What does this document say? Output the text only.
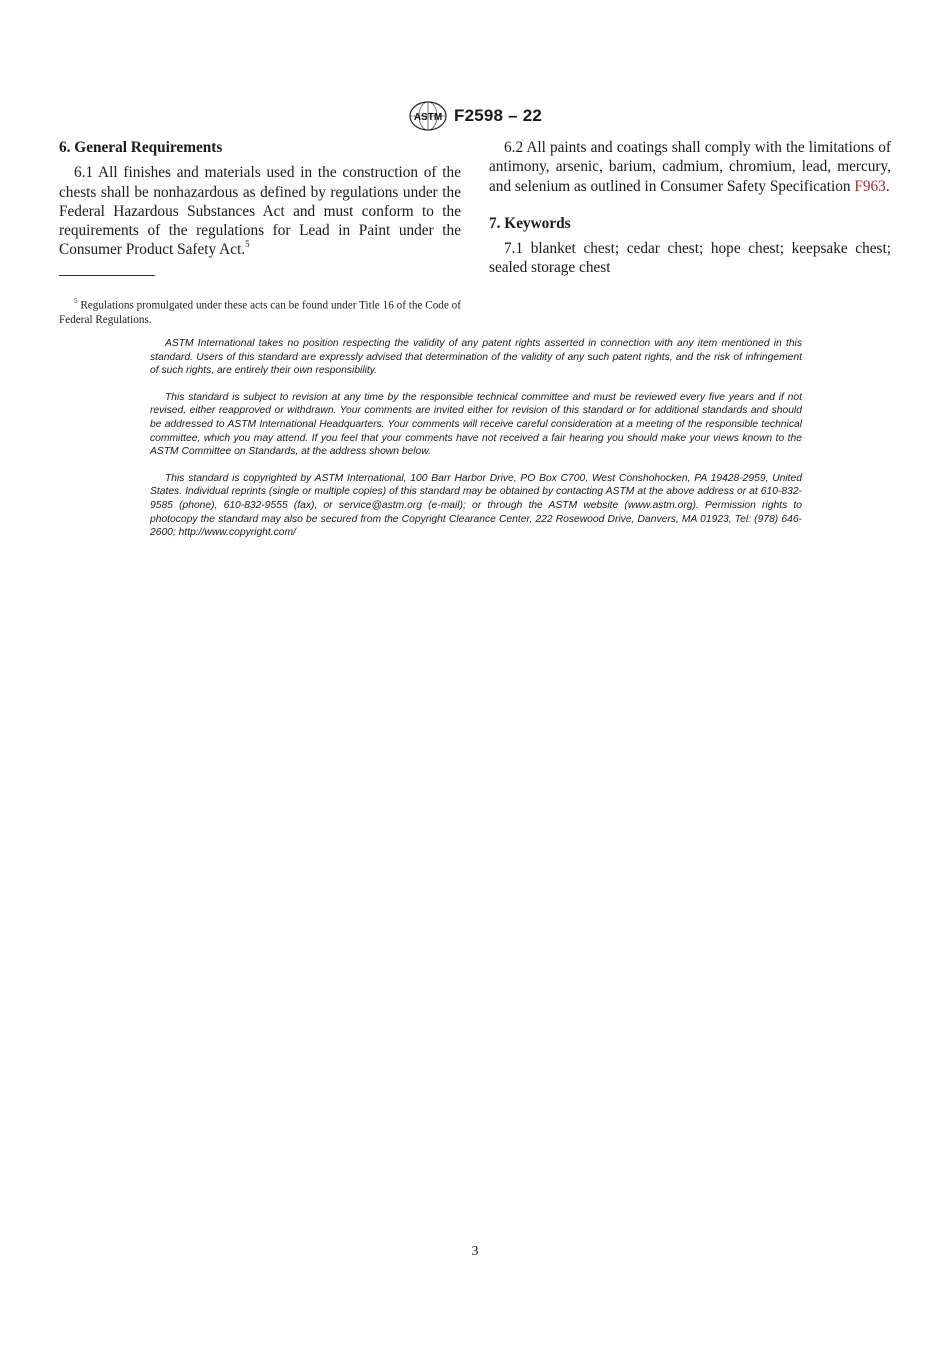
ASTM F2598 – 22
6. General Requirements

6.1 All finishes and materials used in the construction of the chests shall be nonhazardous as defined by regulations under the Federal Hazardous Substances Act and must conform to the requirements of the regulations for Lead in Paint under the Consumer Product Safety Act.$^5$

$^5$ Regulations promulgated under these acts can be found under Title 16 of the Code of Federal Regulations.

6.2 All paints and coatings shall comply with the limitations of antimony, arsenic, barium, cadmium, chromium, lead, mercury, and selenium as outlined in Consumer Safety Specification F963.

7. Keywords

7.1 blanket chest; cedar chest; hope chest; keepsake chest; sealed storage chest

ASTM International takes no position respecting the validity of any patent rights asserted in connection with any item mentioned in this standard. Users of this standard are expressly advised that determination of the validity of any such patent rights, and the risk of infringement of such rights, are entirely their own responsibility.

This standard is subject to revision at any time by the responsible technical committee and must be reviewed every five years and if not revised, either reapproved or withdrawn. Your comments are invited either for revision of this standard or for additional standards and should be addressed to ASTM International Headquarters. Your comments will receive careful consideration at a meeting of the responsible technical committee, which you may attend. If you feel that your comments have not received a fair hearing you should make your views known to the ASTM Committee on Standards, at the address shown below.

This standard is copyrighted by ASTM International, 100 Barr Harbor Drive, PO Box C700, West Conshohocken, PA 19428-2959, United States. Individual reprints (single or multiple copies) of this standard may be obtained by contacting ASTM at the above address or at 610-832-9585 (phone), 610-832-9555 (fax), or service@astm.org (e-mail); or through the ASTM website (www.astm.org). Permission rights to photocopy the standard may also be secured from the Copyright Clearance Center, 222 Rosewood Drive, Danvers, MA 01923, Tel: (978) 646-2600; http://www.copyright.com/

3
